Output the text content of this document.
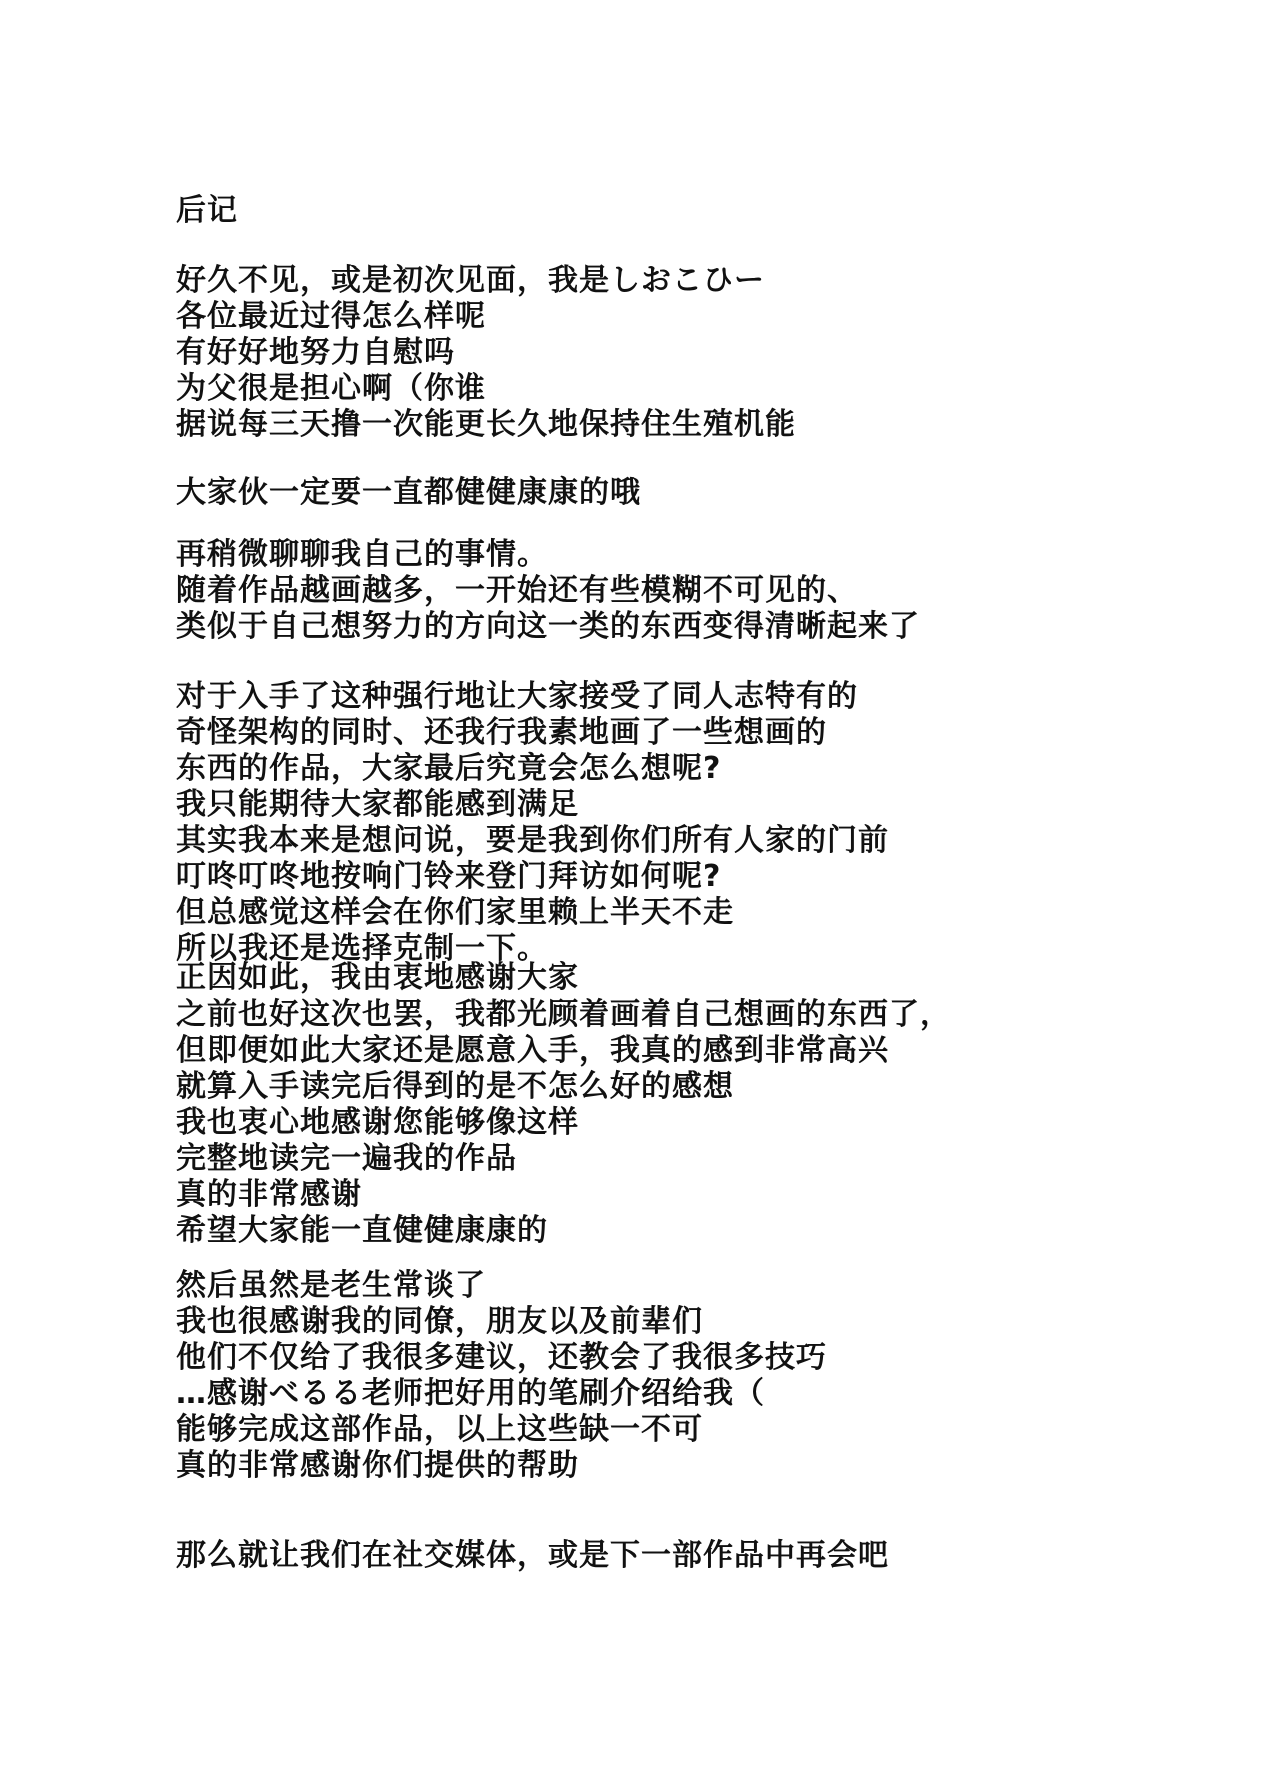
后记
好久不见，或是初次见面，我是しおこひー
各位最近过得怎么样呢
有好好地努力自慰吗
为父很是担心啊（你谁
据说每三天撸一次能更长久地保持住生殖机能
大家伙一定要一直都健健康康的哦
再稍微聊聊我自己的事情。
随着作品越画越多，一开始还有些模糊不可见的、
类似于自己想努力的方向这一类的东西变得清晰起来了
对于入手了这种强行地让大家接受了同人志特有的
奇怪架构的同时、还我行我素地画了一些想画的
东西的作品，大家最后究竟会怎么想呢?
我只能期待大家都能感到满足
其实我本来是想问说，要是我到你们所有人家的门前
叮咚叮咚地按响门铃来登门拜访如何呢?
但总感觉这样会在你们家里赖上半天不走
所以我还是选择克制一下。
正因如此，我由衷地感谢大家
之前也好这次也罢，我都光顾着画着自己想画的东西了，
但即便如此大家还是愿意入手，我真的感到非常高兴
就算入手读完后得到的是不怎么好的感想
我也衷心地感谢您能够像这样
完整地读完一遍我的作品
真的非常感谢
希望大家能一直健健康康的
然后虽然是老生常谈了
我也很感谢我的同僚，朋友以及前辈们
他们不仅给了我很多建议，还教会了我很多技巧
…感谢べるる老师把好用的笔刷介绍给我（
能够完成这部作品，以上这些缺一不可
真的非常感谢你们提供的帮助
那么就让我们在社交媒体，或是下一部作品中再会吧
